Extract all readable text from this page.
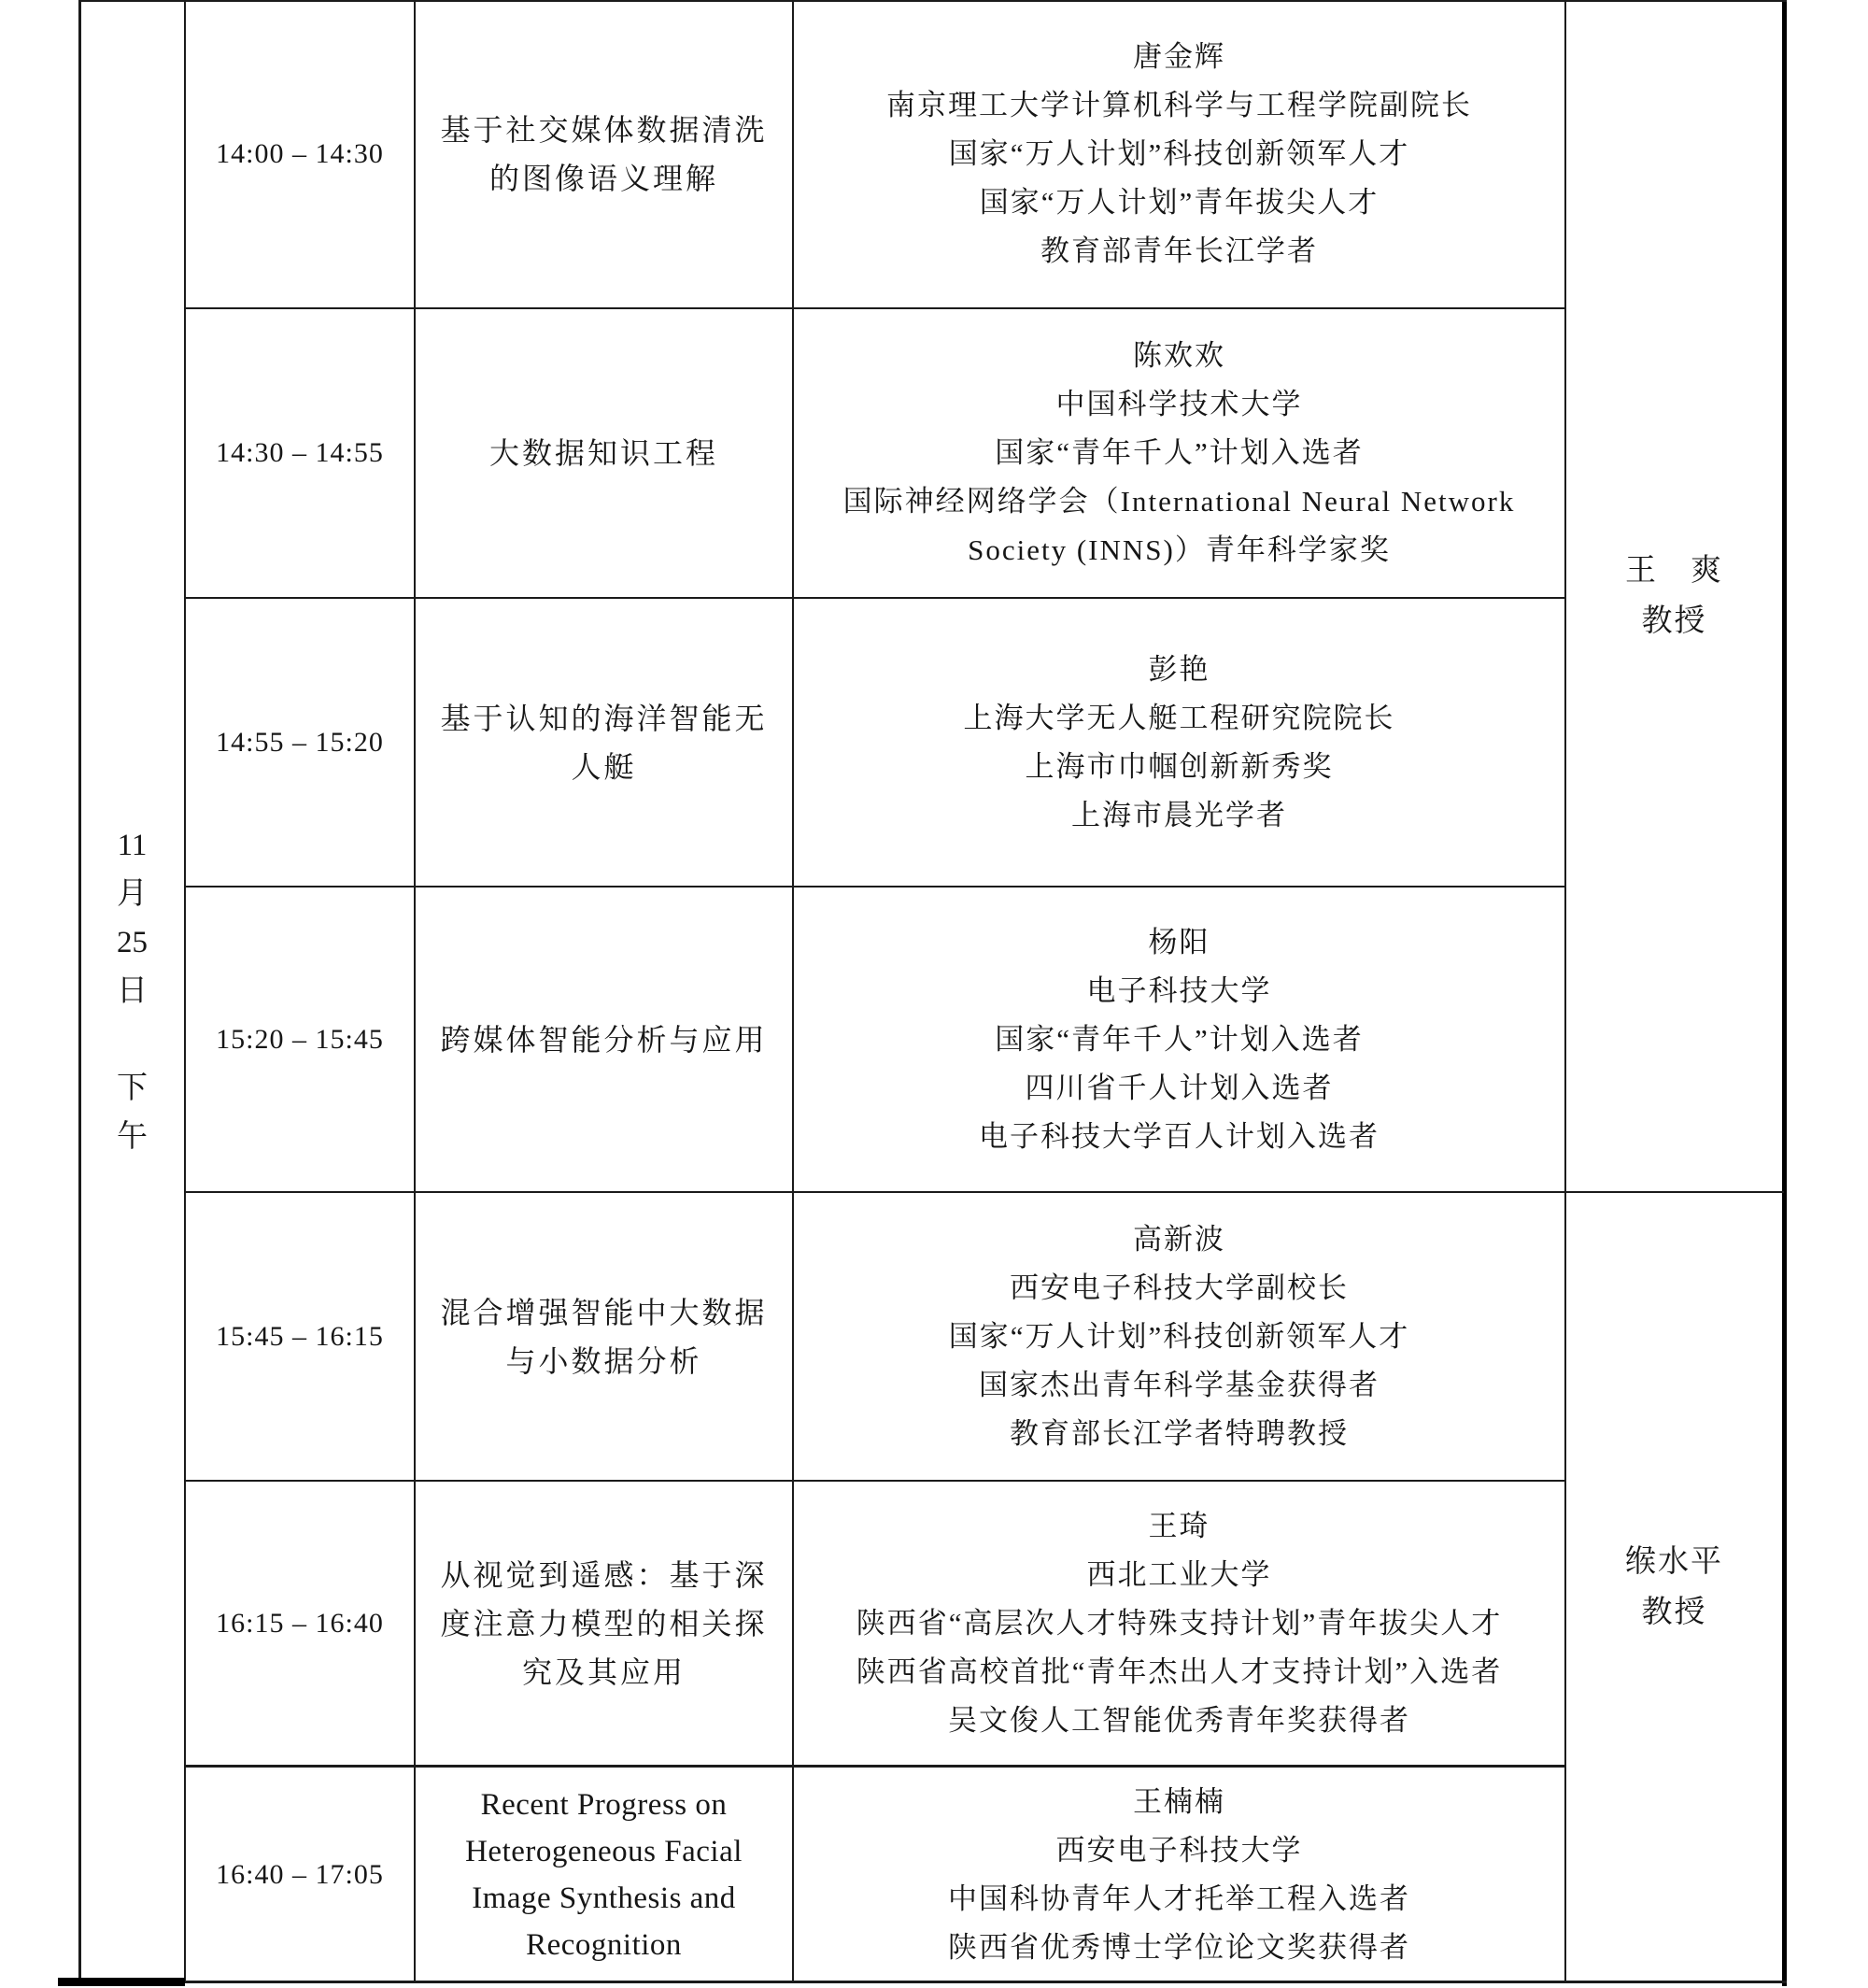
11
月
25
日
下
午
14:00 – 14:30
基于社交媒体数据清洗
的图像语义理解
唐金辉
南京理工大学计算机科学与工程学院副院长
国家“万人计划”科技创新领军人才
国家“万人计划”青年拔尖人才
教育部青年长江学者
14:30 – 14:55	大数据知识工程
陈欢欢
中国科学技术大学
国家“青年千人”计划入选者
国际神经网络学会（International Neural Network
Society (INNS)）青年科学家奖
14:55 – 15:20
基于认知的海洋智能无
人艇
彭艳
上海大学无人艇工程研究院院长
上海市巾帼创新新秀奖
上海市晨光学者
15:20 – 15:45	跨媒体智能分析与应用
杨阳
电子科技大学
国家“青年千人”计划入选者
四川省千人计划入选者
电子科技大学百人计划入选者
15:45 – 16:15
混合增强智能中大数据
与小数据分析
高新波
西安电子科技大学副校长
国家“万人计划”科技创新领军人才
国家杰出青年科学基金获得者
教育部长江学者特聘教授
16:15 – 16:40
从视觉到遥感：基于深
度注意力模型的相关探
究及其应用
王琦
西北工业大学
陕西省“高层次人才特殊支持计划”青年拔尖人才
陕西省高校首批“青年杰出人才支持计划”入选者
吴文俊人工智能优秀青年奖获得者
16:40 – 17:05
Recent Progress on
Heterogeneous Facial
Image Synthesis and
Recognition
王楠楠
西安电子科技大学
中国科协青年人才托举工程入选者
陕西省优秀博士学位论文奖获得者
王　爽
教授
缑水平
教授
